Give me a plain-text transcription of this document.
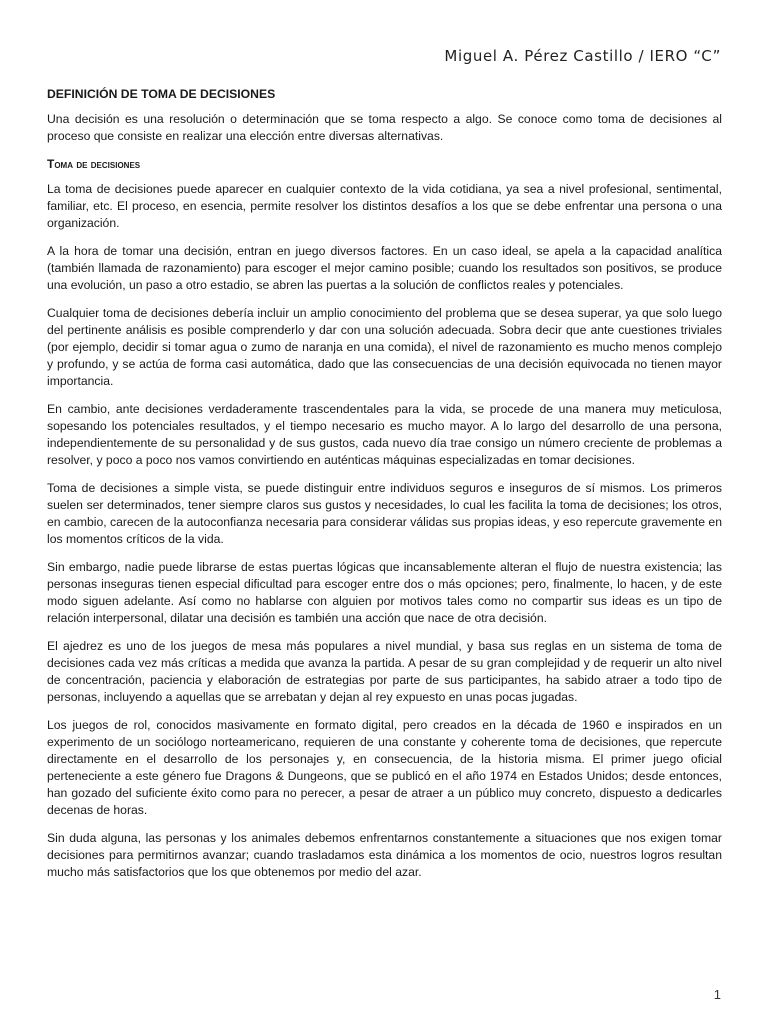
Miguel A. Pérez Castillo / IERO “C”
DEFINICIÓN DE TOMA DE DECISIONES

Una decisión es una resolución o determinación que se toma respecto a algo. Se conoce como toma de decisiones al proceso que consiste en realizar una elección entre diversas alternativas.

Toma de decisiones

La toma de decisiones puede aparecer en cualquier contexto de la vida cotidiana, ya sea a nivel profesional, sentimental, familiar, etc. El proceso, en esencia, permite resolver los distintos desafíos a los que se debe enfrentar una persona o una organización.

A la hora de tomar una decisión, entran en juego diversos factores. En un caso ideal, se apela a la capacidad analítica (también llamada de razonamiento) para escoger el mejor camino posible; cuando los resultados son positivos, se produce una evolución, un paso a otro estadio, se abren las puertas a la solución de conflictos reales y potenciales.

Cualquier toma de decisiones debería incluir un amplio conocimiento del problema que se desea superar, ya que solo luego del pertinente análisis es posible comprenderlo y dar con una solución adecuada. Sobra decir que ante cuestiones triviales (por ejemplo, decidir si tomar agua o zumo de naranja en una comida), el nivel de razonamiento es mucho menos complejo y profundo, y se actúa de forma casi automática, dado que las consecuencias de una decisión equivocada no tienen mayor importancia.

En cambio, ante decisiones verdaderamente trascendentales para la vida, se procede de una manera muy meticulosa, sopesando los potenciales resultados, y el tiempo necesario es mucho mayor. A lo largo del desarrollo de una persona, independientemente de su personalidad y de sus gustos, cada nuevo día trae consigo un número creciente de problemas a resolver, y poco a poco nos vamos convirtiendo en auténticas máquinas especializadas en tomar decisiones.

Toma de decisiones a simple vista, se puede distinguir entre individuos seguros e inseguros de sí mismos. Los primeros suelen ser determinados, tener siempre claros sus gustos y necesidades, lo cual les facilita la toma de decisiones; los otros, en cambio, carecen de la autoconfianza necesaria para considerar válidas sus propias ideas, y eso repercute gravemente en los momentos críticos de la vida.

Sin embargo, nadie puede librarse de estas puertas lógicas que incansablemente alteran el flujo de nuestra existencia; las personas inseguras tienen especial dificultad para escoger entre dos o más opciones; pero, finalmente, lo hacen, y de este modo siguen adelante. Así como no hablarse con alguien por motivos tales como no compartir sus ideas es un tipo de relación interpersonal, dilatar una decisión es también una acción que nace de otra decisión.

El ajedrez es uno de los juegos de mesa más populares a nivel mundial, y basa sus reglas en un sistema de toma de decisiones cada vez más críticas a medida que avanza la partida. A pesar de su gran complejidad y de requerir un alto nivel de concentración, paciencia y elaboración de estrategias por parte de sus participantes, ha sabido atraer a todo tipo de personas, incluyendo a aquellas que se arrebatan y dejan al rey expuesto en unas pocas jugadas.

Los juegos de rol, conocidos masivamente en formato digital, pero creados en la década de 1960 e inspirados en un experimento de un sociólogo norteamericano, requieren de una constante y coherente toma de decisiones, que repercute directamente en el desarrollo de los personajes y, en consecuencia, de la historia misma. El primer juego oficial perteneciente a este género fue Dragons & Dungeons, que se publicó en el año 1974 en Estados Unidos; desde entonces, han gozado del suficiente éxito como para no perecer, a pesar de atraer a un público muy concreto, dispuesto a dedicarles decenas de horas.

Sin duda alguna, las personas y los animales debemos enfrentarnos constantemente a situaciones que nos exigen tomar decisiones para permitirnos avanzar; cuando trasladamos esta dinámica a los momentos de ocio, nuestros logros resultan mucho más satisfactorios que los que obtenemos por medio del azar.

1
